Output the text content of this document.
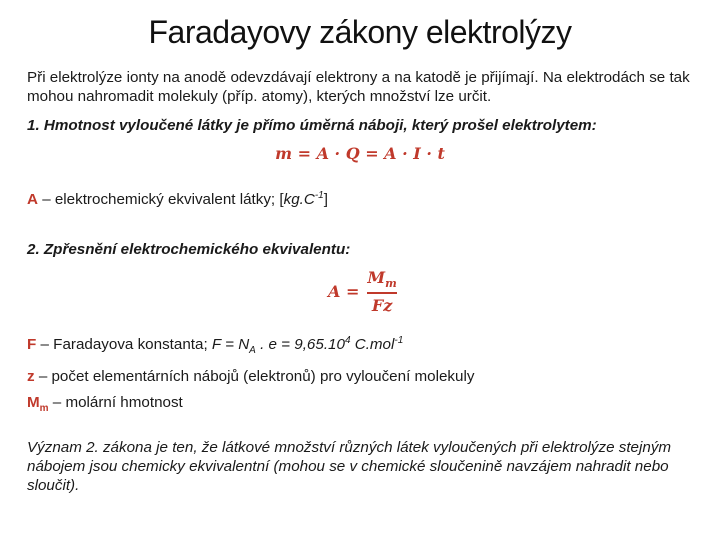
Faradayovy zákony elektrolýzy
Při elektrolýze ionty na anodě odevzdávají elektrony a na katodě je přijímají. Na elektrodách se tak mohou nahromadit molekuly (příp. atomy), kterých množství lze určit.
1. Hmotnost vyloučené látky je přímo úměrná náboji, který prošel elektrolytem:
m = A · Q = A · I · t
A – elektrochemický ekvivalent látky; $[kg.C^{-1}]$
2. Zpřesnění elektrochemického ekvivalentu:
$A = \frac{M_m}{Fz}$
F – Faradayova konstanta; $F = N_A$ . $e = 9,65.10^4$ C.mol$^{-1}$
z – počet elementárních nábojů (elektronů) pro vyloučení molekuly
$M_m$ – molární hmotnost
Význam 2. zákona je ten, že látkové množství různých látek vyloučených při elektrolýze stejným nábojem jsou chemicky ekvivalentní (mohou se v chemické sloučenině navzájem nahradit nebo sloučit).
